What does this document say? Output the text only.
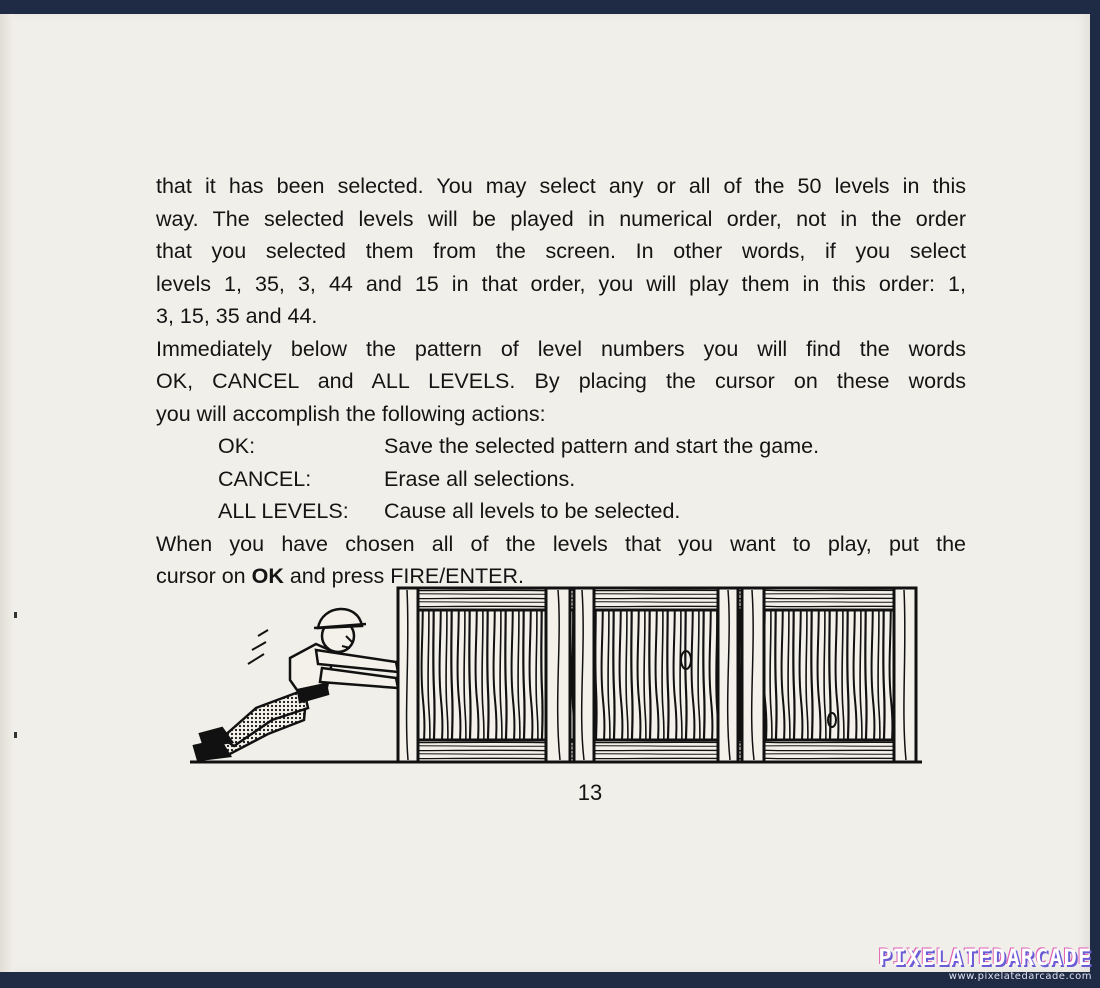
that it has been selected. You may select any or all of the 50 levels in this
way. The selected levels will be played in numerical order, not in the order
that you selected them from the screen. In other words, if you select
levels 1, 35, 3, 44 and 15 in that order, you will play them in this order: 1,

3, 15, 35 and 44.

Immediately below the pattern of level numbers you will find the words
OK, CANCEL and ALL LEVELS. By placing the cursor on these words

you will accomplish the following actions:

OK:	Save the selected pattern and start the game.
CANCEL:	Erase all selections.
ALL LEVELS:	Cause all levels to be selected.

When you have chosen all of the levels that you want to play, put the

cursor on OK and press FIRE/ENTER.

13
PIXELATEDARCADE
www.pixelatedarcade.com
